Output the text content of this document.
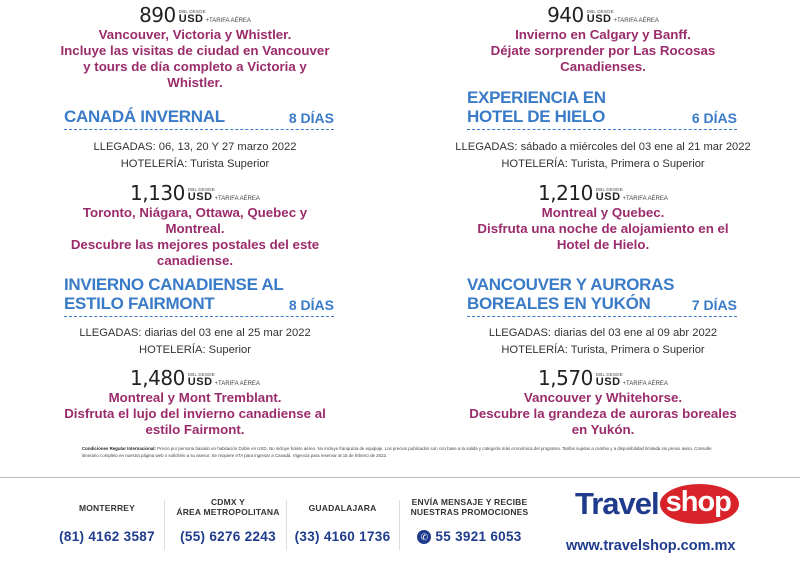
890 DBL DESDE
USD +TARIFA AÉREA
Vancouver, Victoria y Whistler.
Incluye las visitas de ciudad en Vancouver
y tours de día completo a Victoria y
Whistler.
940 DBL DESDE
USD +TARIFA AÉREA
Invierno en Calgary y Banff.
Déjate sorprender por Las Rocosas
Canadienses.
CANADÁ INVERNAL	8 DÍAS
LLEGADAS: 06, 13, 20 Y 27 marzo 2022
HOTELERÍA: Turista Superior
1,130 DBL DESDE
USD +TARIFA AÉREA
Toronto, Niágara, Ottawa, Quebec y
Montreal.
Descubre las mejores postales del este
canadiense.
EXPERIENCIA EN
HOTEL DE HIELO	6 DÍAS
LLEGADAS: sábado a miércoles del 03 ene al 21 mar 2022
HOTELERÍA: Turista, Primera o Superior
1,210 DBL DESDE
USD +TARIFA AÉREA
Montreal y Quebec.
Disfruta una noche de alojamiento en el
Hotel de Hielo.
INVIERNO CANADIENSE AL
ESTILO FAIRMONT	8 DÍAS
LLEGADAS: diarias del 03 ene al 25 mar 2022
HOTELERÍA: Superior
1,480 DBL DESDE
USD +TARIFA AÉREA
Montreal y Mont Tremblant.
Disfruta el lujo del invierno canadiense al
estilo Fairmont.
VANCOUVER Y AURORAS
BOREALES EN YUKÓN	7 DÍAS
LLEGADAS: diarias del 03 ene al 09 abr 2022
HOTELERÍA: Turista, Primera o Superior
1,570 DBL DESDE
USD +TARIFA AÉREA
Vancouver y Whitehorse.
Descubre la grandeza de auroras boreales
en Yukón.
Condiciones Regular Internacional: Precio por persona basado en habitación Doble en USD. No incluye boleto aéreo. No incluye franquicia de equipaje. Los precios publicados son con base a la salida y categoría más económica del programa. Tarifas sujetas a cambio y a disponibilidad limitada sin previo aviso. Consulte itinerario completo en nuestra página web o solicítelo a su asesor. Se requiere eTA para ingresar a Canadá. Vigencia para reservar al 15 de febrero de 2022.
MONTERREY
(81) 4162 3587
CDMX Y
ÁREA METROPOLITANA
(55) 6276 2243
GUADALAJARA
(33) 4160 1736
ENVÍA MENSAJE Y RECIBE
NUESTRAS PROMOCIONES
✆ 55 3921 6053
Travel shop
www.travelshop.com.mx
